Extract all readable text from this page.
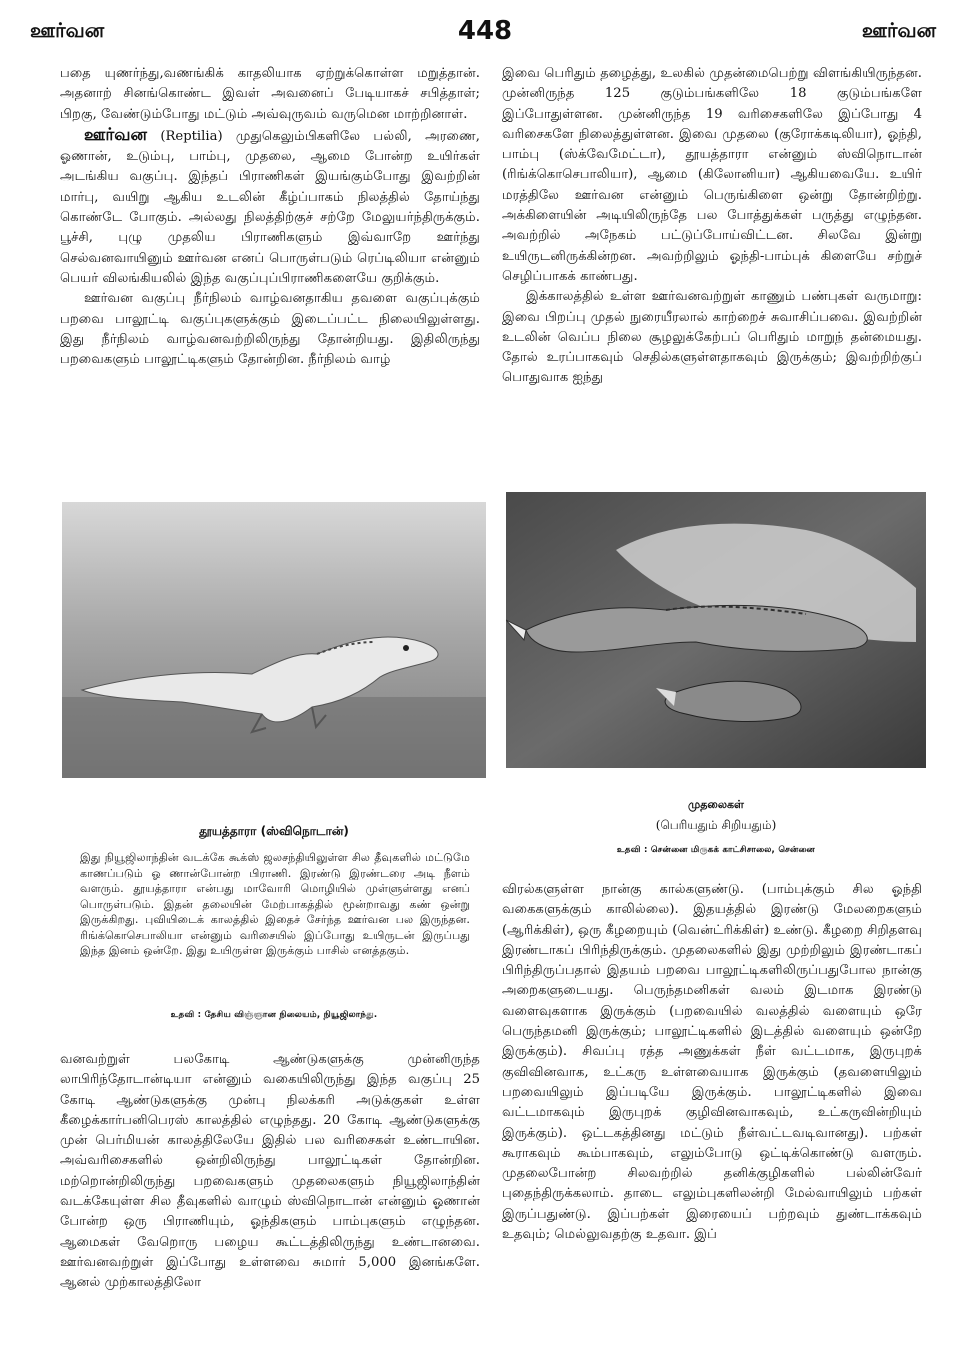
ஊர்வன	448	ஊர்வன

பதை யுணர்ந்து,வணங்கிக் காதலியாக ஏற்றுக்கொள்ள மறுத்தான். அதனாற் சினங்கொண்ட இவள் அவனைப் பேடியாகச் சபித்தாள்; பிறகு, வேண்டும்போது மட்டும் அவ்வுருவம் வருமென மாற்றினாள்.

ஊர்வன (Reptilia) முதுகெலும்பிகளிலே பல்லி, அரணை, ஓணான், உடும்பு, பாம்பு, முதலை, ஆமை போன்ற உயிர்கள் அடங்கிய வகுப்பு. இந்தப் பிராணிகள் இயங்கும்போது இவற்றின் மார்பு, வயிறு ஆகிய உடலின் கீழ்ப்பாகம் நிலத்தில் தோய்ந்து கொண்டே போகும். அல்லது நிலத்திற்குச் சற்றே மேலுயர்ந்திருக்கும். பூச்சி, புழு முதலிய பிராணிகளும் இவ்வாறே ஊர்ந்து செல்வனவாயினும் ஊர்வன எனப் பொருள்படும் ரெப்டிலியா என்னும் பெயர் விலங்கியலில் இந்த வகுப்புப்பிராணிகளையே குறிக்கும்.

ஊர்வன வகுப்பு நீர்நிலம் வாழ்வனதாகிய தவளை வகுப்புக்கும் பறவை பாலூட்டி வகுப்புகளுக்கும் இடைப்பட்ட நிலையிலுள்ளது. இது நீர்நிலம் வாழ்வனவற்றிலிருந்து தோன்றியது. இதிலிருந்து பறவைகளும் பாலூட்டிகளும் தோன்றின. நீர்நிலம் வாழ்

இவை பெரிதும் தழைத்து, உலகில் முதன்மைபெற்று விளங்கியிருந்தன. முன்னிருந்த 125 குடும்பங்களிலே 18 குடும்பங்களே இப்போதுள்ளன. முன்னிருந்த 19 வரிசைகளிலே இப்போது 4 வரிசைகளே நிலைத்துள்ளன. இவை முதலை (குரோக்கடிலியா), ஓந்தி, பாம்பு (ஸ்க்வேமேட்டா), தூயத்தாரா என்னும் ஸ்விநொடான் (ரிங்க்கொசெபாலியா), ஆமை (கிலோனியா) ஆகியவையே. உயிர் மரத்திலே ஊர்வன என்னும் பெருங்கிளை ஒன்று தோன்றிற்று. அக்கிளையின் அடியிலிருந்தே பல போத்துக்கள் பருத்து எழுந்தன. அவற்றில் அநேகம் பட்டுப்போய்விட்டன. சிலவே இன்று உயிருடனிருக்கின்றன. அவற்றிலும் ஓந்தி-பாம்புக் கிளையே சற்றுச் செழிப்பாகக் காண்பது.

இக்காலத்தில் உள்ள ஊர்வனவற்றுள் காணும் பண்புகள் வருமாறு: இவை பிறப்பு முதல் நுரையீரலால் காற்றைச் சுவாசிப்பவை. இவற்றின் உடலின் வெப்ப நிலை சூழலுக்கேற்பப் பெரிதும் மாறுந் தன்மையது. தோல் உரப்பாகவும் செதில்களுள்ளதாகவும் இருக்கும்; இவற்றிற்குப் பொதுவாக ஐந்து

தூயத்தாரா (ஸ்விநொடான்)
இது நியூஜிலாந்தின் வடக்கே கூக்ஸ் ஜலசந்தியிலுள்ள சில தீவுகளில் மட்டுமே காணப்படும் ஓ ணான்போன்ற பிராணி. இரண்டு இரண்டரை அடி நீளம் வளரும். தூயத்தாரா என்பது மாவோரி மொழியில் முள்ளுள்ளது எனப் பொருள்படும். இதன் தலையின் மேற்பாகத்தில் மூன்றாவது கண் ஒன்று இருக்கிறது. புவியிடைக் காலத்தில் இதைச் சேர்ந்த ஊர்வன பல இருந்தன. ரிங்க்கொசெபாலியா என்னும் வரிசையில் இப்போது உயிருடன் இருப்பது இந்த இனம் ஒன்றே. இது உயிருள்ள இருக்கும் பாசில் எனத்தகும்.
உதவி : தேசிய விஞ்ஞான நிலையம், நியூஜிலாந்து.
முதலைகள்
(பெரியதும் சிறியதும்)
உதவி : சென்னை மிருகக் காட்சிசாலை, சென்னை

வனவற்றுள் பலகோடி ஆண்டுகளுக்கு முன்னிருந்த லாபிரிந்தோடான்டியா என்னும் வகையிலிருந்து இந்த வகுப்பு 25 கோடி ஆண்டுகளுக்கு முன்பு நிலக்கரி அடுக்குகள் உள்ள கீழைக்கார்பனிபெரஸ் காலத்தில் எழுந்தது. 20 கோடி ஆண்டுகளுக்கு முன் பெர்மியன் காலத்திலேயே இதில் பல வரிசைகள் உண்டாயின. அவ்வரிசைகளில் ஒன்றிலிருந்து பாலூட்டிகள் தோன்றின. மற்றொன்றிலிருந்து பறவைகளும் முதலைகளும் நியூஜிலாந்தின் வடக்கேயுள்ள சில தீவுகளில் வாழும் ஸ்விநொடான் என்னும் ஓணான் போன்ற ஒரு பிராணியும், ஓந்திகளும் பாம்புகளும் எழுந்தன. ஆமைகள் வேறொரு பழைய கூட்டத்திலிருந்து உண்டானவை. ஊர்வனவற்றுள் இப்போது உள்ளவை சுமார் 5,000 இனங்களே. ஆனல் முற்காலத்திலோ

விரல்களுள்ள நான்கு கால்களுண்டு. (பாம்புக்கும் சில ஓந்தி வகைகளுக்கும் காலில்லை). இதயத்தில் இரண்டு மேலறைகளும் (ஆரிக்கிள்), ஒரு கீழறையும் (வென்ட்ரிக்கிள்) உண்டு. கீழறை சிறிதளவு இரண்டாகப் பிரிந்திருக்கும். முதலைகளில் இது முற்றிலும் இரண்டாகப் பிரிந்திருப்பதால் இதயம் பறவை பாலூட்டிகளிலிருப்பதுபோல நான்கு அறைகளுடையது. பெருந்தமனிகள் வலம் இடமாக இரண்டு வளைவுகளாக இருக்கும் (பறவையில் வலத்தில் வளையும் ஒரே பெருந்தமனி இருக்கும்; பாலூட்டிகளில் இடத்தில் வளையும் ஒன்றே இருக்கும்). சிவப்பு ரத்த அணுக்கள் நீள் வட்டமாக, இருபுறக் குவிவினவாக, உட்கரு உள்ளவையாக இருக்கும் (தவளையிலும் பறவையிலும் இப்படியே இருக்கும். பாலூட்டிகளில் இவை வட்டமாகவும் இருபுறக் குழிவினவாகவும், உட்கருவின்றியும் இருக்கும்). ஒட்டகத்தினது மட்டும் நீள்வட்டவடிவானது). பற்கள் கூராகவும் கூம்பாகவும், எலும்போடு ஒட்டிக்கொண்டு வளரும். முதலைபோன்ற சிலவற்றில் தனிக்குழிகளில் பல்லின்வேர் புதைந்திருக்கலாம். தாடை எலும்புகளிலன்றி மேல்வாயிலும் பற்கள் இருப்பதுண்டு. இப்பற்கள் இரையைப் பற்றவும் துண்டாக்கவும் உதவும்; மெல்லுவதற்கு உதவா. இப்
